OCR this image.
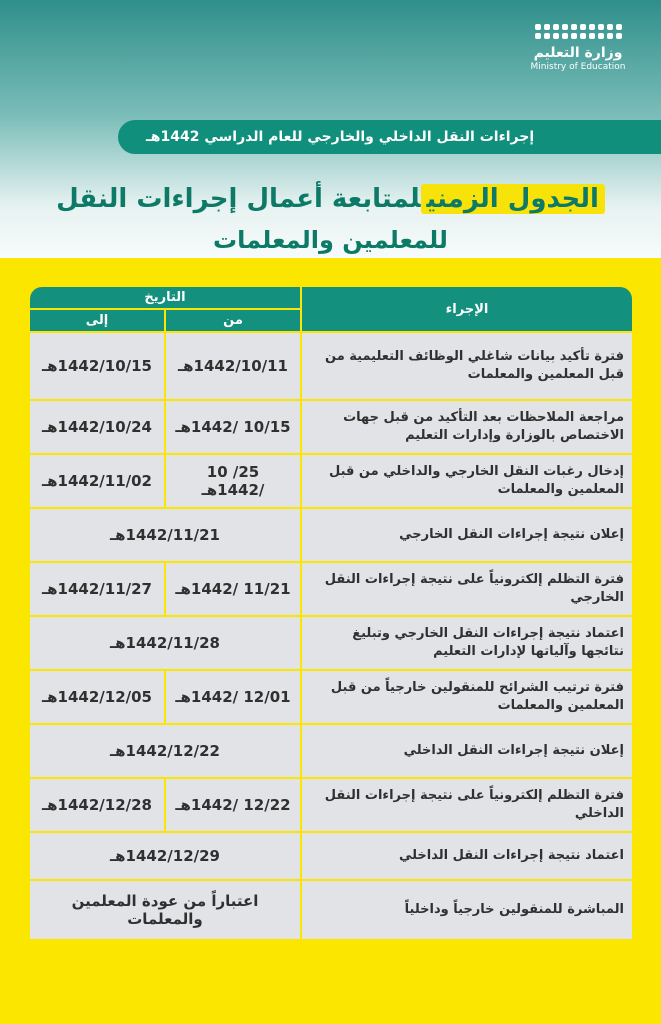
وزارة التعليم
Ministry of Education
إجراءات النقل الداخلي والخارجي للعام الدراسي 1442هـ
الجدول الزمنيلمتابعة أعمال إجراءات النقل
للمعلمين والمعلمات
الإجراء	التاريخ	
	من	إلى
فترة تأكيد بيانات شاغلي الوظائف التعليمية من قبل المعلمين والمعلمات	1442/10/11هـ	1442/10/15هـ
مراجعة الملاحظات بعد التأكيد من قبل جهات الاختصاص بالوزارة وإدارات التعليم	10/15 /1442هـ	1442/10/24هـ
إدخال رغبات النقل الخارجي والداخلي من قبل المعلمين والمعلمات	25/ 10 /1442هـ	1442/11/02هـ
إعلان نتيجة إجراءات النقل الخارجي	1442/11/21هـ	
فترة التظلم إلكترونياً على نتيجة إجراءات النقل الخارجي	11/21 /1442هـ	1442/11/27هـ
اعتماد نتيجة إجراءات النقل الخارجي وتبليغ نتائجها وآلياتها لإدارات التعليم	1442/11/28هـ	
فترة ترتيب الشرائح للمنقولين خارجياً من قبل المعلمين والمعلمات	12/01 /1442هـ	1442/12/05هـ
إعلان نتيجة إجراءات النقل الداخلي	1442/12/22هـ	
فترة التظلم إلكترونياً على نتيجة إجراءات النقل الداخلي	12/22 /1442هـ	1442/12/28هـ
اعتماد نتيجة إجراءات النقل الداخلي	1442/12/29هـ	
المباشرة للمنقولين خارجياً وداخلياً	اعتباراً من عودة المعلمين والمعلمات	
